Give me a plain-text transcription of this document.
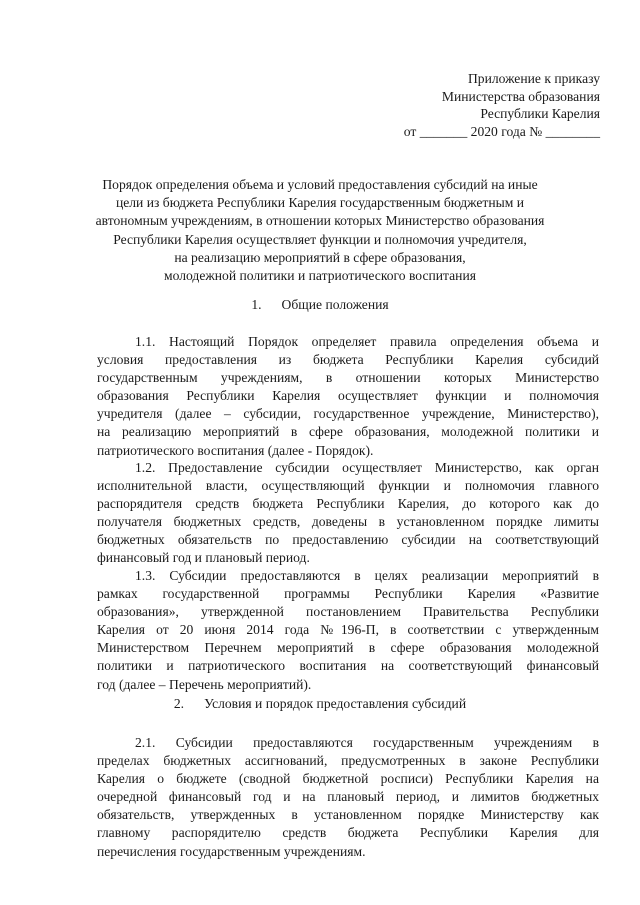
Приложение к приказу
Министерства образования
Республики Карелия
от _______ 2020 года № ________
Порядок определения объема и условий предоставления субсидий на иные
цели из бюджета Республики Карелия государственным бюджетным и
автономным учреждениям, в отношении которых Министерство образования
Республики Карелия осуществляет функции и полномочия учредителя,
на реализацию мероприятий в сфере образования,
молодежной политики и патриотического воспитания
1. Общие положения
1.1. Настоящий Порядок определяет правила определения объема и
условия предоставления из бюджета Республики Карелия субсидий
государственным учреждениям, в отношении которых Министерство
образования Республики Карелия осуществляет функции и полномочия
учредителя (далее – субсидии, государственное учреждение, Министерство),
на реализацию мероприятий в сфере образования, молодежной политики и
патриотического воспитания (далее - Порядок).
1.2. Предоставление субсидии осуществляет Министерство, как орган
исполнительной власти, осуществляющий функции и полномочия главного
распорядителя средств бюджета Республики Карелия, до которого как до
получателя бюджетных средств, доведены в установленном порядке лимиты
бюджетных обязательств по предоставлению субсидии на соответствующий
финансовый год и плановый период.
1.3. Субсидии предоставляются в целях реализации мероприятий в
рамках государственной программы Республики Карелия «Развитие
образования», утвержденной постановлением Правительства Республики
Карелия от 20 июня 2014 года №196-П, в соответствии с утвержденным
Министерством Перечнем мероприятий в сфере образования молодежной
политики и патриотического воспитания на соответствующий финансовый
год (далее – Перечень мероприятий).
2. Условия и порядок предоставления субсидий
2.1. Субсидии предоставляются государственным учреждениям в
пределах бюджетных ассигнований, предусмотренных в законе Республики
Карелия о бюджете (сводной бюджетной росписи) Республики Карелия на
очередной финансовый год и на плановый период, и лимитов бюджетных
обязательств, утвержденных в установленном порядке Министерству как
главному распорядителю средств бюджета Республики Карелия для
перечисления государственным учреждениям.
